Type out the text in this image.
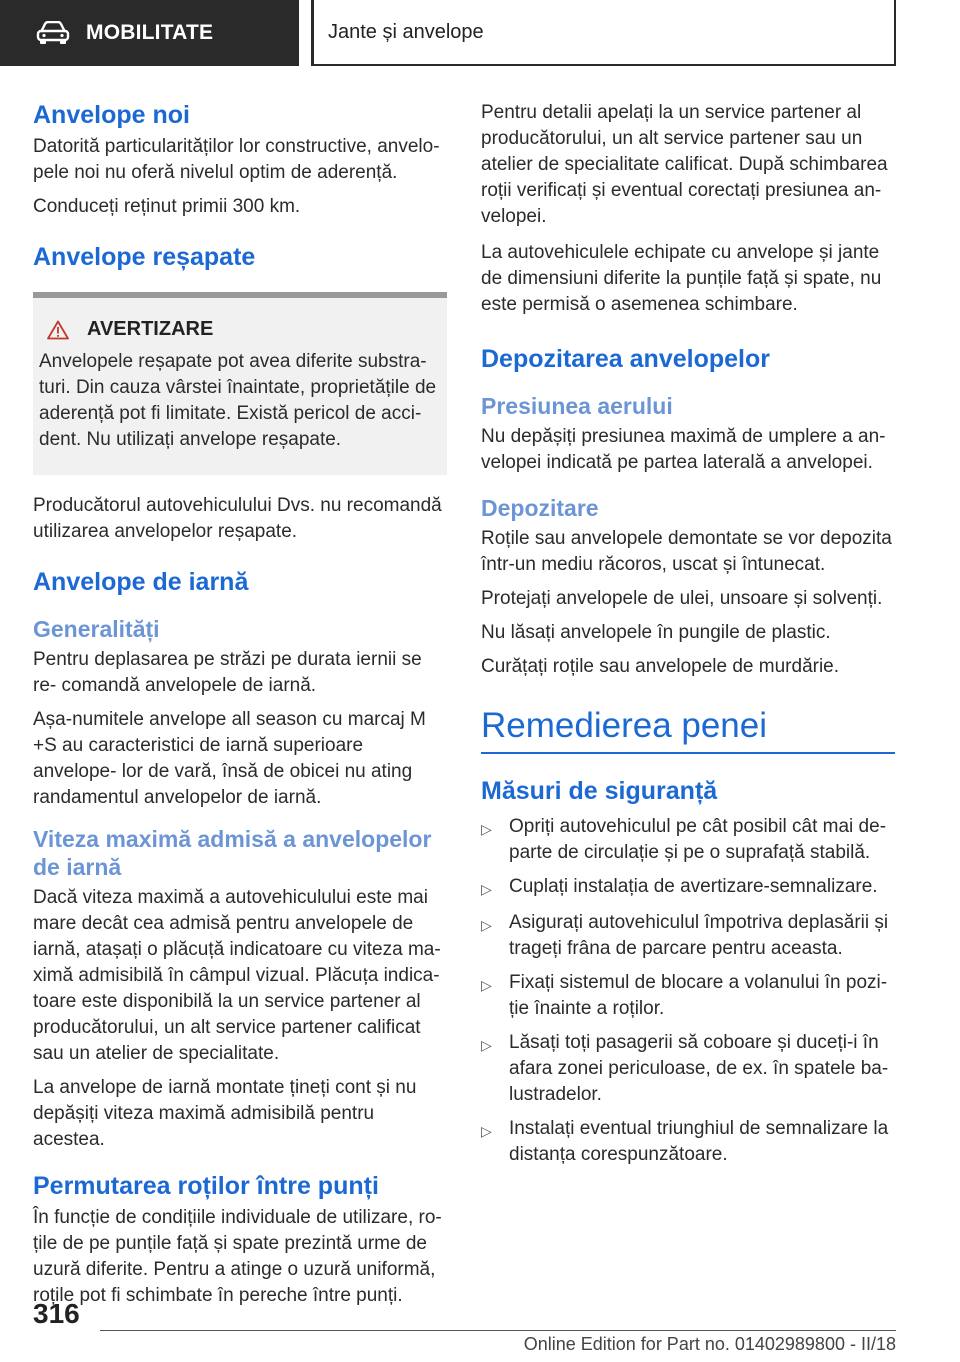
MOBILITATE	Jante și anvelope
Anvelope noi

Datorită particularităților lor constructive, anvelo- pele noi nu oferă nivelul optim de aderență.

Conduceți reținut primii 300 km.

Anvelope reșapate
AVERTIZARE

Anvelopele reșapate pot avea diferite substra- turi. Din cauza vârstei înaintate, proprietățile de aderență pot fi limitate. Există pericol de acci- dent. Nu utilizați anvelope reșapate.

Producătorul autovehiculului Dvs. nu recomandă utilizarea anvelopelor reșapate.

Anvelope de iarnă
Generalități

Pentru deplasarea pe străzi pe durata iernii se re- comandă anvelopele de iarnă.

Așa-numitele anvelope all season cu marcaj M +S au caracteristici de iarnă superioare anvelope- lor de vară, însă de obicei nu ating randamentul anvelopelor de iarnă.

Viteza maximă admisă a anvelopelor de iarnă

Dacă viteza maximă a autovehiculului este mai mare decât cea admisă pentru anvelopele de iarnă, atașați o plăcuță indicatoare cu viteza ma- ximă admisibilă în câmpul vizual. Plăcuța indica- toare este disponibilă la un service partener al producătorului, un alt service partener calificat sau un atelier de specialitate.

La anvelope de iarnă montate țineți cont și nu depășiți viteza maximă admisibilă pentru acestea.

Permutarea roților între punți

În funcție de condițiile individuale de utilizare, ro- țile de pe punțile față și spate prezintă urme de uzură diferite. Pentru a atinge o uzură uniformă, roțile pot fi schimbate în pereche între punți.

Pentru detalii apelați la un service partener al producătorului, un alt service partener sau un atelier de specialitate calificat. După schimbarea roții verificați și eventual corectați presiunea an- velopei.

La autovehiculele echipate cu anvelope și jante de dimensiuni diferite la punțile față și spate, nu este permisă o asemenea schimbare.

Depozitarea anvelopelor
Presiunea aerului

Nu depășiți presiunea maximă de umplere a an- velopei indicată pe partea laterală a anvelopei.

Depozitare

Roțile sau anvelopele demontate se vor depozita într-un mediu răcoros, uscat și întunecat.

Protejați anvelopele de ulei, unsoare și solvenți.

Nu lăsați anvelopele în pungile de plastic.

Curățați roțile sau anvelopele de murdărie.

Remedierea penei
Măsuri de siguranță
▷ Opriți autovehiculul pe cât posibil cât mai de- parte de circulație și pe o suprafață stabilă.
▷ Cuplați instalația de avertizare-semnalizare.
▷ Asigurați autovehiculul împotriva deplasării și trageți frâna de parcare pentru aceasta.
▷ Fixați sistemul de blocare a volanului în pozi- ție înainte a roților.
▷ Lăsați toți pasagerii să coboare și duceți-i în afara zonei periculoase, de ex. în spatele ba- lustradelor.
▷ Instalați eventual triunghiul de semnalizare la distanța corespunzătoare.
316
Online Edition for Part no. 01402989800 - II/18
